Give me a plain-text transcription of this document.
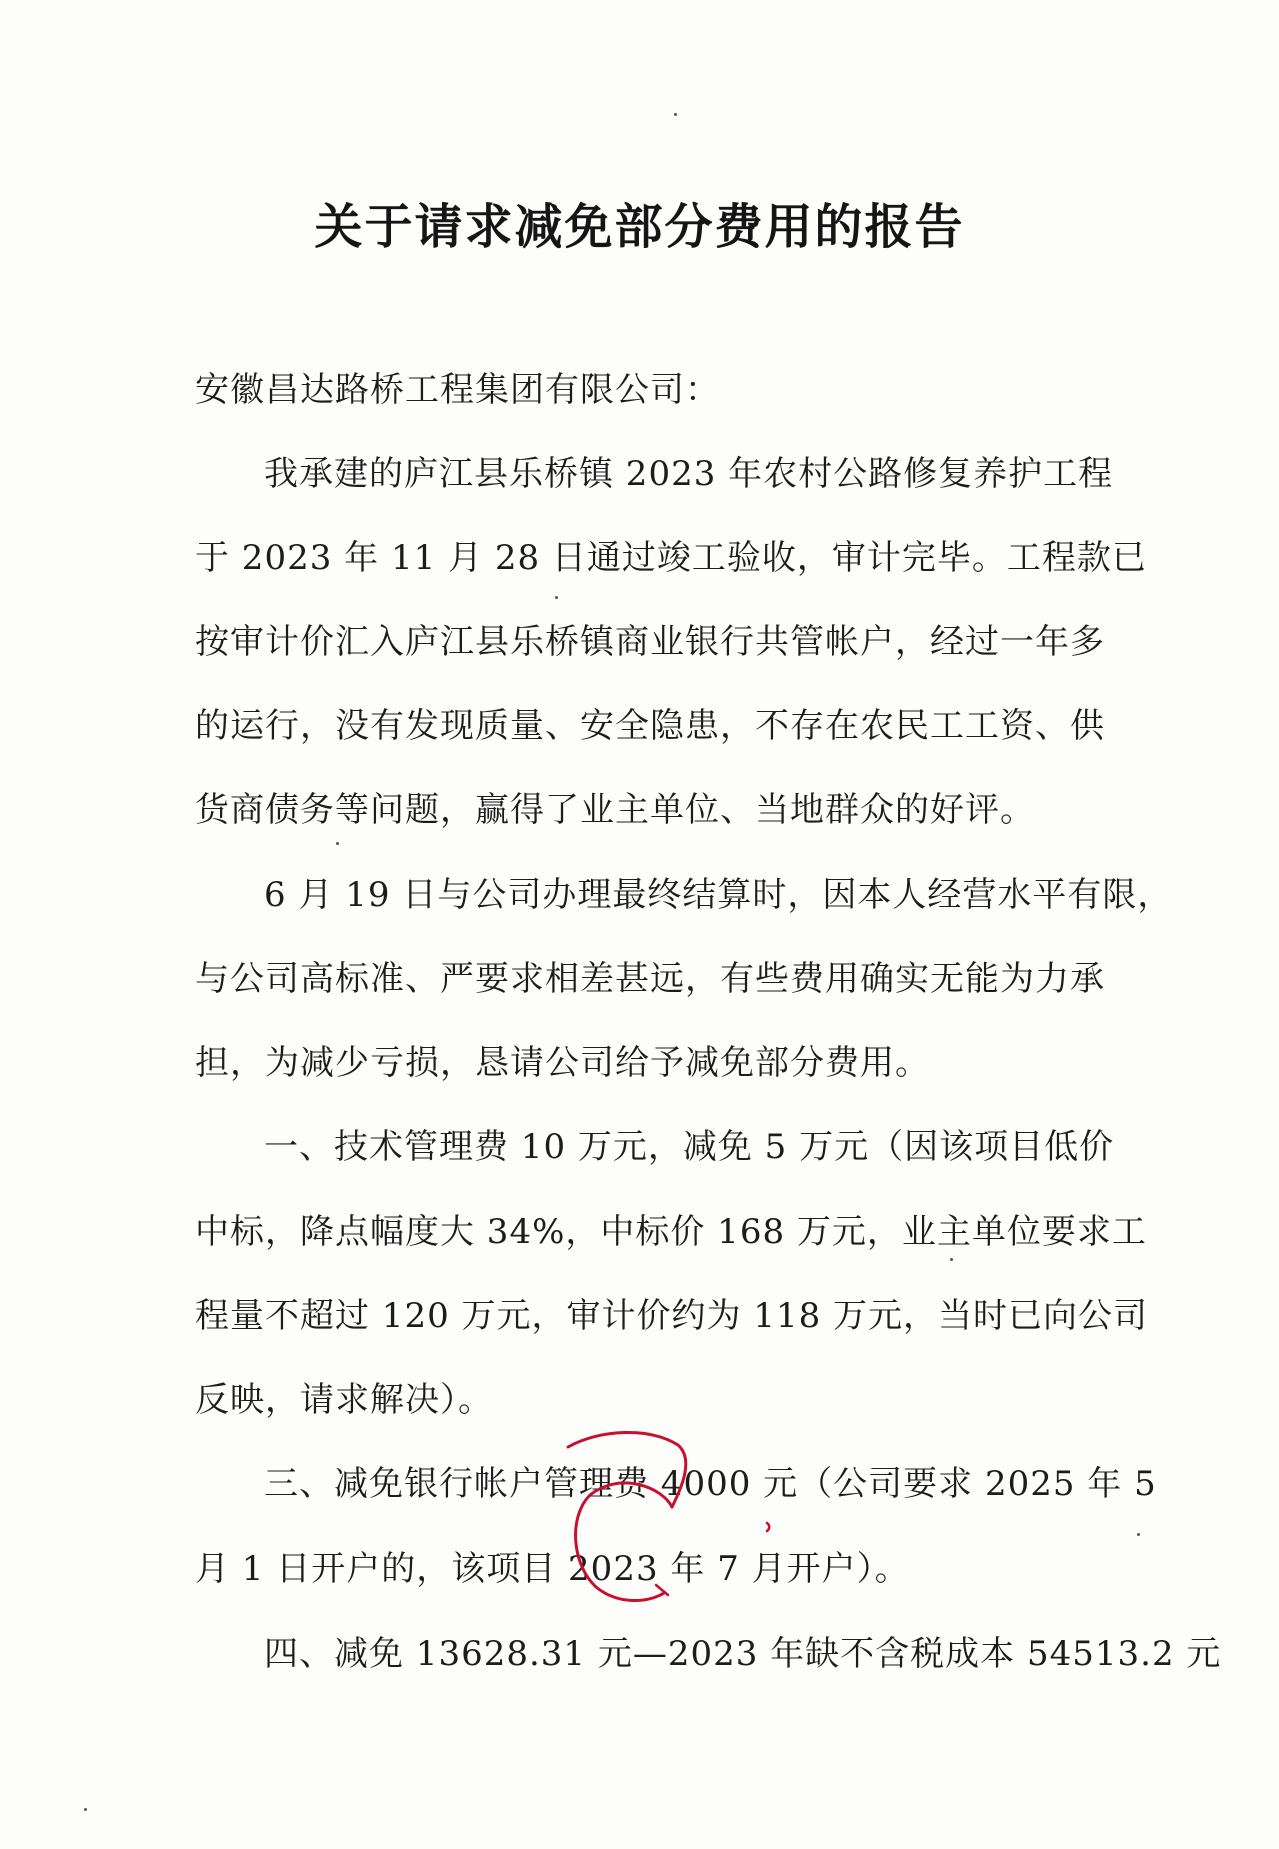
关于请求减免部分费用的报告
安徽昌达路桥工程集团有限公司：
我承建的庐江县乐桥镇 2023 年农村公路修复养护工程
于 2023 年 11 月 28 日通过竣工验收，审计完毕。工程款已
按审计价汇入庐江县乐桥镇商业银行共管帐户，经过一年多
的运行，没有发现质量、安全隐患，不存在农民工工资、供
货商债务等问题，赢得了业主单位、当地群众的好评。
6 月 19 日与公司办理最终结算时，因本人经营水平有限，
与公司高标准、严要求相差甚远，有些费用确实无能为力承
担，为减少亏损，恳请公司给予减免部分费用。
一、技术管理费 10 万元，减免 5 万元（因该项目低价
中标，降点幅度大 34%，中标价 168 万元，业主单位要求工
程量不超过 120 万元，审计价约为 118 万元，当时已向公司
反映，请求解决）。
三、减免银行帐户管理费 4000 元（公司要求 2025 年 5
月 1 日开户的，该项目 2023 年 7 月开户）。
四、减免 13628.31 元—2023 年缺不含税成本 54513.2 元
